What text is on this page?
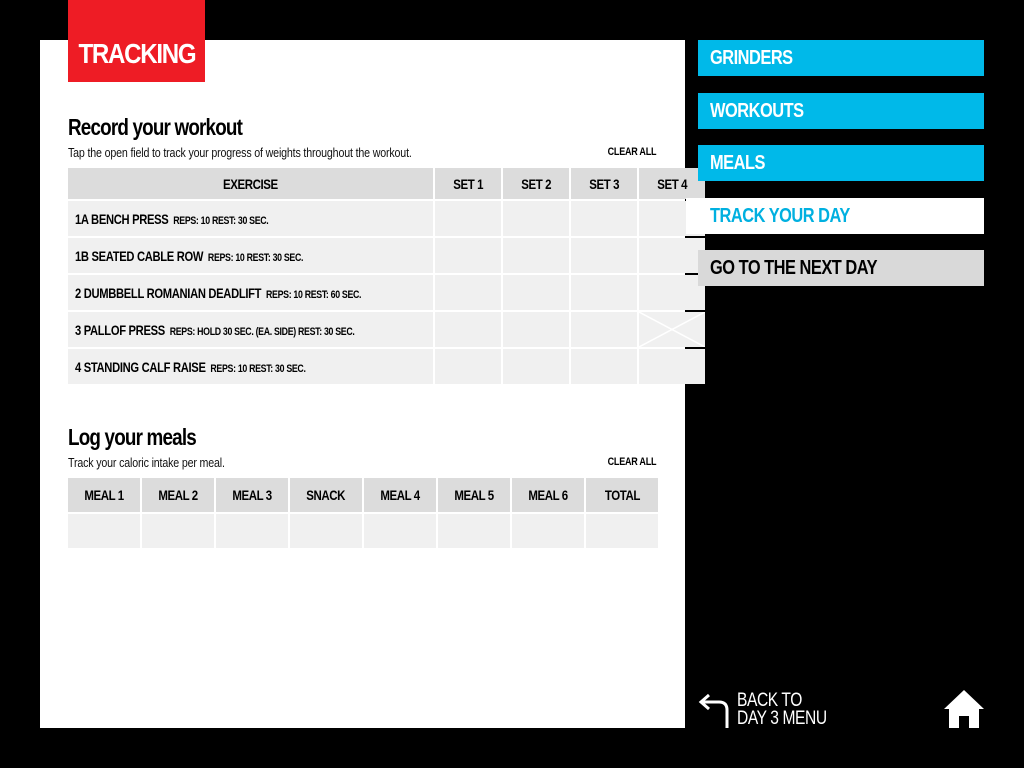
TRACKING
Record your workout
Tap the open field to track your progress of weights throughout the workout.	CLEAR ALL
EXERCISE	SET 1	SET 2	SET 3	SET 4
1A BENCH PRESS REPS: 10 REST: 30 SEC.				
1B SEATED CABLE ROW REPS: 10 REST: 30 SEC.				
2 DUMBBELL ROMANIAN DEADLIFT REPS: 10 REST: 60 SEC.				
3 PALLOF PRESS REPS: HOLD 30 SEC. (EA. SIDE) REST: 30 SEC.				

4 STANDING CALF RAISE REPS: 10 REST: 30 SEC.				
Log your meals
Track your caloric intake per meal.	CLEAR ALL
MEAL 1	MEAL 2	MEAL 3	SNACK	MEAL 4	MEAL 5	MEAL 6	TOTAL

GRINDERS
WORKOUTS
MEALS
TRACK YOUR DAY
GO TO THE NEXT DAY
BACK TO
DAY 3 MENU
